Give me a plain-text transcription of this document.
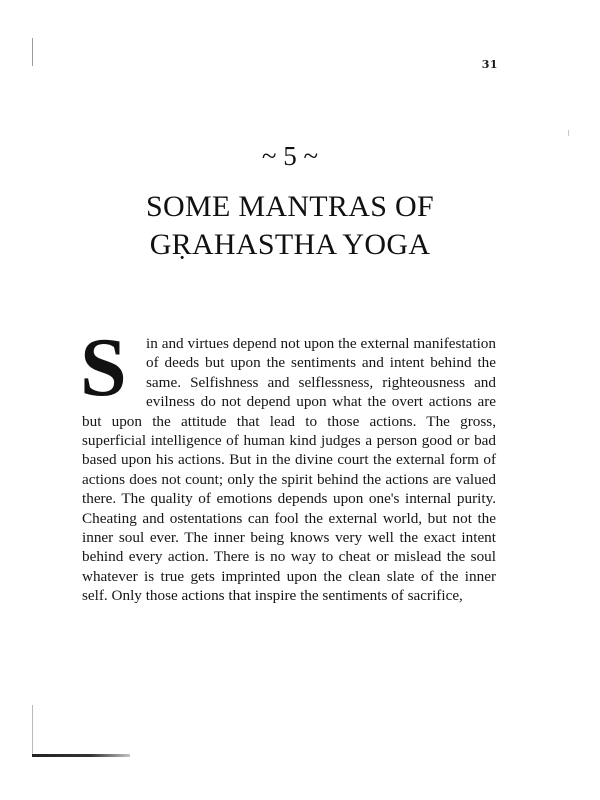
31
~ 5 ~
SOME MANTRAS OF
GṚAHASTHA YOGA
S	in and virtues depend not upon the external manifestation of deeds but upon the sentiments and intent behind the same. Selfishness and selflessness, righteousness and evilness do not depend upon what the overt actions are but upon the attitude that lead to those actions. The gross, superficial intelligence of human kind judges a person good or bad based upon his actions. But in the divine court the external form of actions does not count; only the spirit behind the actions are valued there. The quality of emotions depends upon one's internal purity. Cheating and ostentations can fool the external world, but not the inner soul ever. The inner being knows very well the exact intent behind every action. There is no way to cheat or mislead the soul whatever is true gets imprinted upon the clean slate of the inner self. Only those actions that inspire the sentiments of sacrifice,
